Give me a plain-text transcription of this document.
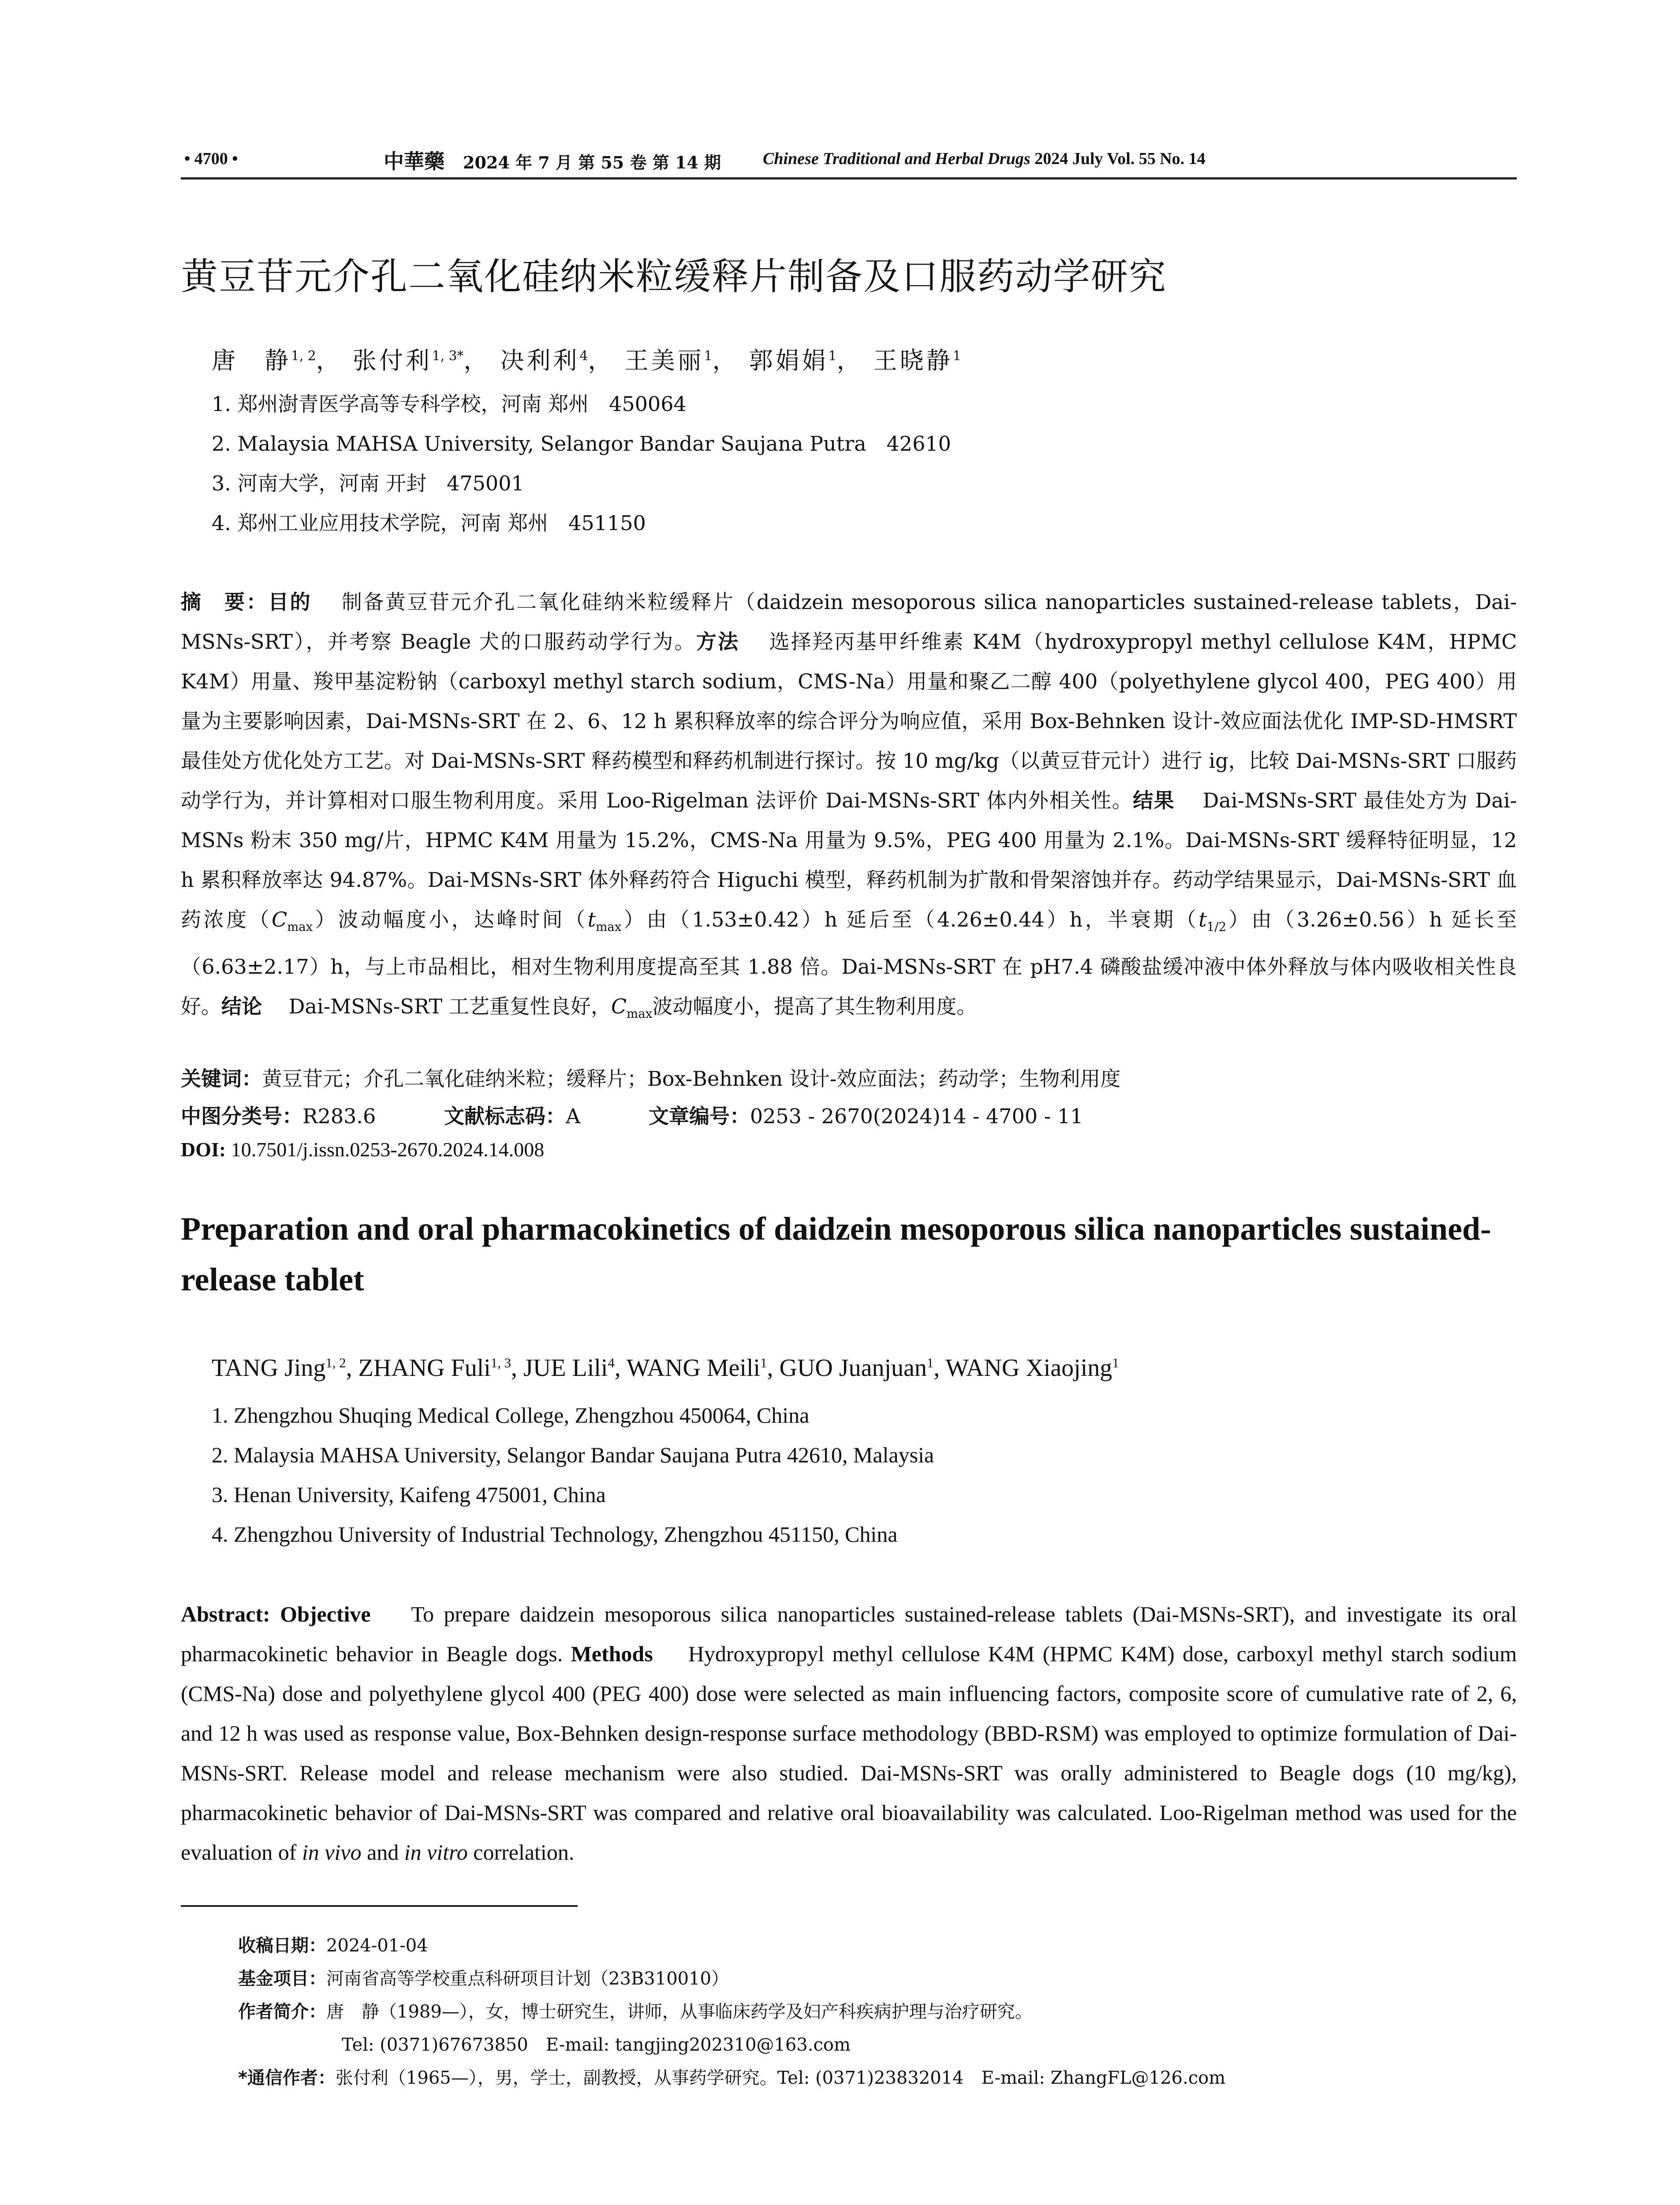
• 4700 •	中華藥 2024 年 7 月 第 55 卷 第 14 期 Chinese Traditional and Herbal Drugs 2024 July Vol. 55 No. 14
黄豆苷元介孔二氧化硅纳米粒缓释片制备及口服药动学研究
唐　静$^{1, 2}$， 张付利$^{1, 3*}$， 决利利$^4$， 王美丽$^1$， 郭娟娟$^1$， 王晓静$^1$
1. 郑州澍青医学高等专科学校，河南 郑州　450064
2. Malaysia MAHSA University, Selangor Bandar Saujana Putra　42610
3. 河南大学，河南 开封　475001
4. 郑州工业应用技术学院，河南 郑州　451150
摘　要：目的　 制备黄豆苷元介孔二氧化硅纳米粒缓释片（daidzein mesoporous silica nanoparticles sustained-release tablets，Dai-MSNs-SRT），并考察 Beagle 犬的口服药动学行为。方法　 选择羟丙基甲纤维素 K4M（hydroxypropyl methyl cellulose K4M，HPMC K4M）用量、羧甲基淀粉钠（carboxyl methyl starch sodium，CMS-Na）用量和聚乙二醇 400（polyethylene glycol 400，PEG 400）用量为主要影响因素，Dai-MSNs-SRT 在 2、6、12 h 累积释放率的综合评分为响应值，采用 Box-Behnken 设计-效应面法优化 IMP-SD-HMSRT 最佳处方优化处方工艺。对 Dai-MSNs-SRT 释药模型和释药机制进行探讨。按 10 mg/kg（以黄豆苷元计）进行 ig，比较 Dai-MSNs-SRT 口服药动学行为，并计算相对口服生物利用度。采用 Loo-Rigelman 法评价 Dai-MSNs-SRT 体内外相关性。结果　 Dai-MSNs-SRT 最佳处方为 Dai-MSNs 粉末 350 mg/片，HPMC K4M 用量为 15.2%，CMS-Na 用量为 9.5%，PEG 400 用量为 2.1%。Dai-MSNs-SRT 缓释特征明显，12 h 累积释放率达 94.87%。Dai-MSNs-SRT 体外释药符合 Higuchi 模型，释药机制为扩散和骨架溶蚀并存。药动学结果显示，Dai-MSNs-SRT 血药浓度$(C_{max})$波动幅度小，达峰时间$(t_{max})$由（1.53±0.42）h 延后至（4.26±0.44）h，半衰期$(t_{1/2})$由（3.26±0.56）h 延长至（6.63±2.17）h，与上市品相比，相对生物利用度提高至其 1.88 倍。Dai-MSNs-SRT 在 pH7.4 磷酸盐缓冲液中体外释放与体内吸收相关性良好。结论　 Dai-MSNs-SRT 工艺重复性良好，$C_{max}$波动幅度小，提高了其生物利用度。
关键词：黄豆苷元；介孔二氧化硅纳米粒；缓释片；Box-Behnken 设计-效应面法；药动学；生物利用度
中图分类号：R283.6	文献标志码：A	文章编号：0253 - 2670(2024)14 - 4700 - 11
DOI: 10.7501/j.issn.0253-2670.2024.14.008
Preparation and oral pharmacokinetics of daidzein mesoporous silica nanoparticles sustained-release tablet
TANG Jing$^{1, 2}$, ZHANG Fuli$^{1, 3}$, JUE Lili$^4$, WANG Meili$^1$, GUO Juanjuan$^1$, WANG Xiaojing$^1$
1. Zhengzhou Shuqing Medical College, Zhengzhou 450064, China
2. Malaysia MAHSA University, Selangor Bandar Saujana Putra 42610, Malaysia
3. Henan University, Kaifeng 475001, China
4. Zhengzhou University of Industrial Technology, Zhengzhou 451150, China
Abstract: Objective　 To prepare daidzein mesoporous silica nanoparticles sustained-release tablets (Dai-MSNs-SRT), and investigate its oral pharmacokinetic behavior in Beagle dogs. Methods　 Hydroxypropyl methyl cellulose K4M (HPMC K4M) dose, carboxyl methyl starch sodium (CMS-Na) dose and polyethylene glycol 400 (PEG 400) dose were selected as main influencing factors, composite score of cumulative rate of 2, 6, and 12 h was used as response value, Box-Behnken design-response surface methodology (BBD-RSM) was employed to optimize formulation of Dai-MSNs-SRT. Release model and release mechanism were also studied. Dai-MSNs-SRT was orally administered to Beagle dogs (10 mg/kg), pharmacokinetic behavior of Dai-MSNs-SRT was compared and relative oral bioavailability was calculated. Loo-Rigelman method was used for the evaluation of in vivo and in vitro correlation.
收稿日期：2024-01-04
基金项目：河南省高等学校重点科研项目计划（23B310010）
作者简介：唐　静（1989—），女，博士研究生，讲师，从事临床药学及妇产科疾病护理与治疗研究。
Tel: (0371)67673850　E-mail: tangjing202310@163.com
*通信作者：张付利（1965—），男，学士，副教授，从事药学研究。Tel: (0371)23832014　E-mail: ZhangFL@126.com
